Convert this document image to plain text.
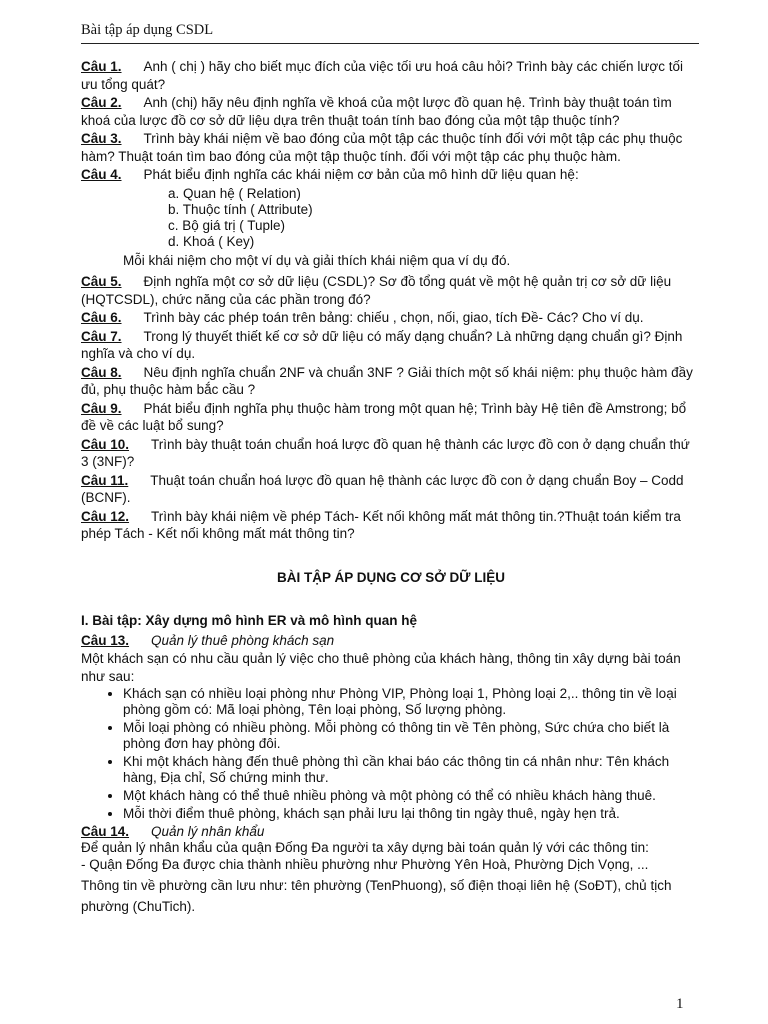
Bài tập áp dụng CSDL
Câu 1. Anh ( chị ) hãy cho biết mục đích của việc tối ưu hoá câu hỏi? Trình bày các chiến lược tối ưu tổng quát?
Câu 2. Anh (chị) hãy nêu định nghĩa về khoá của một lược đồ quan hệ. Trình bày thuật toán tìm khoá của lược đồ cơ sở dữ liệu dựa trên thuật toán tính bao đóng của một tập thuộc tính?
Câu 3. Trình bày khái niệm về bao đóng của một tập các thuộc tính đối với một tập các phụ thuộc hàm? Thuật toán tìm bao đóng của một tập thuộc tính. đối với một tập các phụ thuộc hàm.
Câu 4. Phát biểu định nghĩa các khái niệm cơ bản của mô hình dữ liệu quan hệ:
a. Quan hệ ( Relation)
b. Thuộc tính ( Attribute)
c. Bộ giá trị ( Tuple)
d. Khoá ( Key)
Mỗi khái niệm cho một ví dụ và giải thích khái niệm qua ví dụ đó.
Câu 5. Định nghĩa một cơ sở dữ liệu (CSDL)? Sơ đồ tổng quát về một hệ quản trị cơ sở dữ liệu (HQTCSDL), chức năng của các phần trong đó?
Câu 6. Trình bày các phép toán trên bảng: chiếu , chọn, nối, giao, tích Đề- Các? Cho ví dụ.
Câu 7. Trong lý thuyết thiết kế cơ sở dữ liệu có mấy dạng chuẩn? Là những dạng chuẩn gì? Định nghĩa và cho ví dụ.
Câu 8. Nêu định nghĩa chuẩn 2NF và chuẩn 3NF ? Giải thích một số khái niệm: phụ thuộc hàm đầy đủ, phụ thuộc hàm bắc cầu ?
Câu 9. Phát biểu định nghĩa phụ thuộc hàm trong một quan hệ; Trình bày Hệ tiên đề Amstrong; bổ đề về các luật bổ sung?
Câu 10. Trình bày thuật toán chuẩn hoá lược đồ quan hệ thành các lược đồ con ở dạng chuẩn thứ 3 (3NF)?
Câu 11. Thuật toán chuẩn hoá lược đồ quan hệ thành các lược đồ con ở dạng chuẩn Boy – Codd (BCNF).
Câu 12. Trình bày khái niệm về phép Tách- Kết nối không mất mát thông tin.?Thuật toán kiểm tra phép Tách - Kết nối không mất mát thông tin?
BÀI TẬP ÁP DỤNG CƠ SỞ DỮ LIỆU
I. Bài tập: Xây dựng mô hình ER và mô hình quan hệ
Câu 13. Quản lý thuê phòng khách sạn
Một khách sạn có nhu cầu quản lý việc cho thuê phòng của khách hàng, thông tin xây dựng bài toán như sau:
• Khách sạn có nhiều loại phòng như Phòng VIP, Phòng loại 1, Phòng loại 2,.. thông tin về loại phòng gồm có: Mã loại phòng, Tên loại phòng, Số lượng phòng.
• Mỗi loại phòng có nhiều phòng. Mỗi phòng có thông tin về Tên phòng, Sức chứa cho biết là phòng đơn hay phòng đôi.
• Khi một khách hàng đến thuê phòng thì cần khai báo các thông tin cá nhân như: Tên khách hàng, Địa chỉ, Số chứng minh thư.
• Một khách hàng có thể thuê nhiều phòng và một phòng có thể có nhiều khách hàng thuê.
• Mỗi thời điểm thuê phòng, khách sạn phải lưu lại thông tin ngày thuê, ngày hẹn trả.
Câu 14. Quản lý nhân khẩu
Để quản lý nhân khẩu của quận Đống Đa người ta xây dựng bài toán quản lý với các thông tin:
- Quận Đống Đa được chia thành nhiều phường như Phường Yên Hoà, Phường Dịch Vọng, ...
Thông tin về phường cần lưu như: tên phường (TenPhuong), số điện thoại liên hệ (SoĐT), chủ tịch phường (ChuTich).
1
